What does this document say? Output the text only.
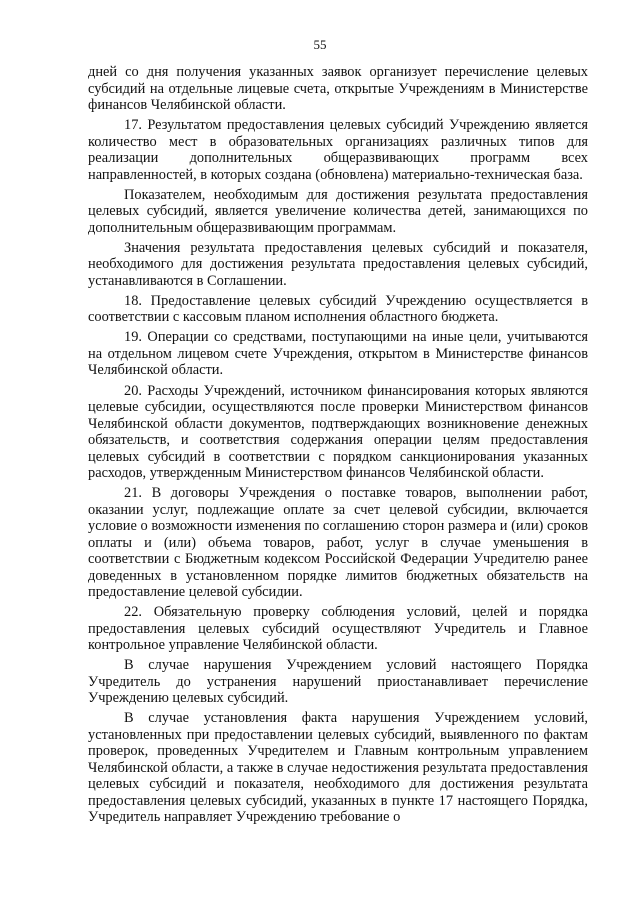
55

дней со дня получения указанных заявок организует перечисление целевых субсидий на отдельные лицевые счета, открытые Учреждениям в Министерстве финансов Челябинской области.

17. Результатом предоставления целевых субсидий Учреждению является количество мест в образовательных организациях различных типов для реализации дополнительных общеразвивающих программ всех направленностей, в которых создана (обновлена) материально-техническая база.

Показателем, необходимым для достижения результата предоставления целевых субсидий, является увеличение количества детей, занимающихся по дополнительным общеразвивающим программам.

Значения результата предоставления целевых субсидий и показателя, необходимого для достижения результата предоставления целевых субсидий, устанавливаются в Соглашении.

18. Предоставление целевых субсидий Учреждению осуществляется в соответствии с кассовым планом исполнения областного бюджета.

19. Операции со средствами, поступающими на иные цели, учитываются на отдельном лицевом счете Учреждения, открытом в Министерстве финансов Челябинской области.

20. Расходы Учреждений, источником финансирования которых являются целевые субсидии, осуществляются после проверки Министерством финансов Челябинской области документов, подтверждающих возникновение денежных обязательств, и соответствия содержания операции целям предоставления целевых субсидий в соответствии с порядком санкционирования указанных расходов, утвержденным Министерством финансов Челябинской области.

21. В договоры Учреждения о поставке товаров, выполнении работ, оказании услуг, подлежащие оплате за счет целевой субсидии, включается условие о возможности изменения по соглашению сторон размера и (или) сроков оплаты и (или) объема товаров, работ, услуг в случае уменьшения в соответствии с Бюджетным кодексом Российской Федерации Учредителю ранее доведенных в установленном порядке лимитов бюджетных обязательств на предоставление целевой субсидии.

22. Обязательную проверку соблюдения условий, целей и порядка предоставления целевых субсидий осуществляют Учредитель и Главное контрольное управление Челябинской области.

В случае нарушения Учреждением условий настоящего Порядка Учредитель до устранения нарушений приостанавливает перечисление Учреждению целевых субсидий.

В случае установления факта нарушения Учреждением условий, установленных при предоставлении целевых субсидий, выявленного по фактам проверок, проведенных Учредителем и Главным контрольным управлением Челябинской области, а также в случае недостижения результата предоставления целевых субсидий и показателя, необходимого для достижения результата предоставления целевых субсидий, указанных в пункте 17 настоящего Порядка, Учредитель направляет Учреждению требование о
